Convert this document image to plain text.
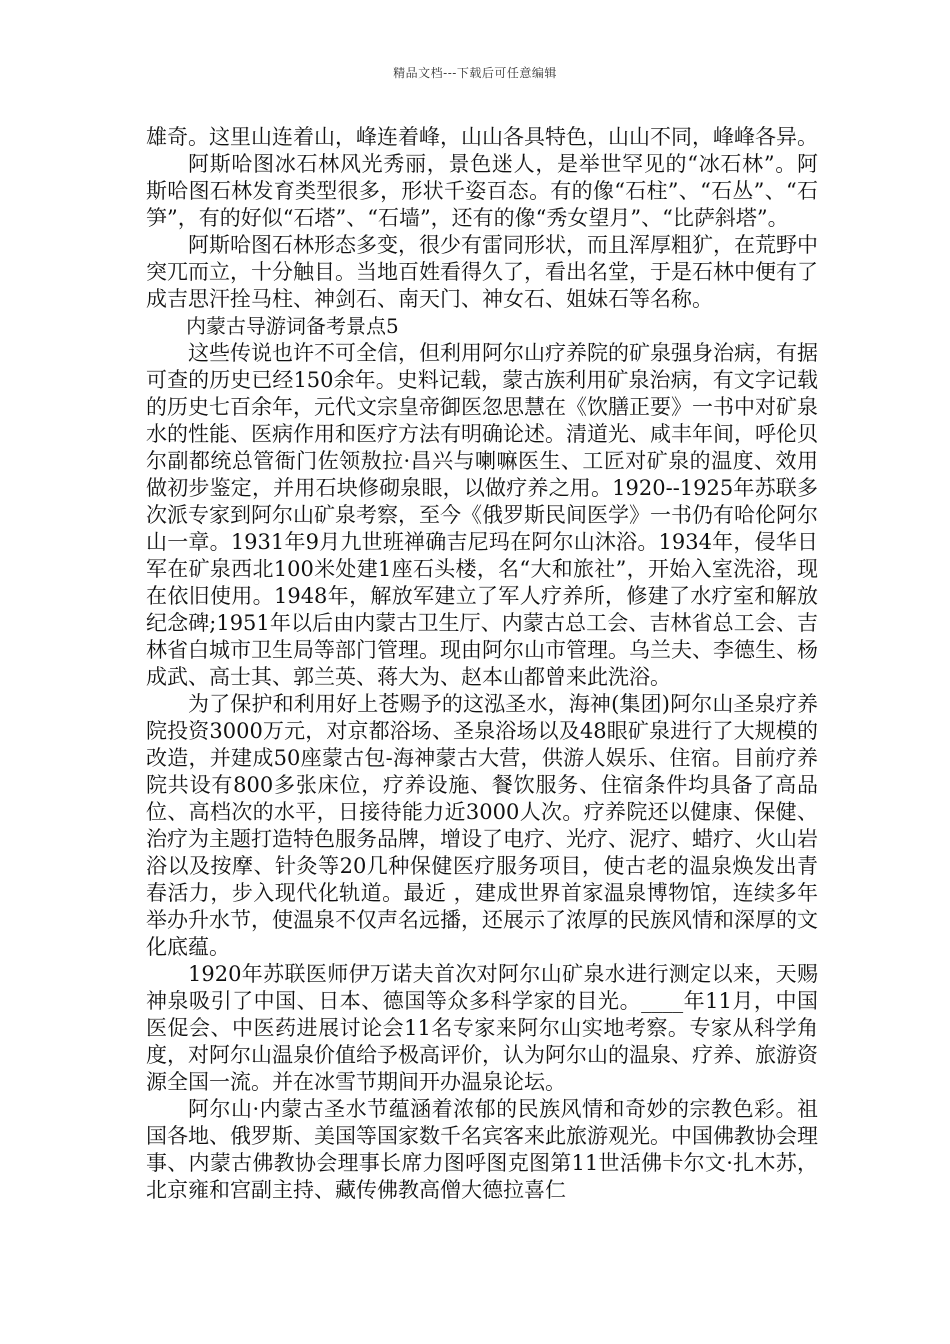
精品文档---下载后可任意编辑

雄奇。这里山连着山，峰连着峰，山山各具特色，山山不同，峰峰各异。

阿斯哈图冰石林风光秀丽，景色迷人，是举世罕见的“冰石林”。阿斯哈图石林发育类型很多，形状千姿百态。有的像“石柱”、“石丛”、“石笋”，有的好似“石塔”、“石墙”，还有的像“秀女望月”、“比萨斜塔”。

阿斯哈图石林形态多变，很少有雷同形状，而且浑厚粗犷，在荒野中突兀而立，十分触目。当地百姓看得久了，看出名堂，于是石林中便有了成吉思汗拴马柱、神剑石、南天门、神女石、姐妹石等名称。

内蒙古导游词备考景点5

这些传说也许不可全信，但利用阿尔山疗养院的矿泉强身治病，有据可查的历史已经150余年。史料记载，蒙古族利用矿泉治病，有文字记载的历史七百余年，元代文宗皇帝御医忽思慧在《饮膳正要》一书中对矿泉水的性能、医病作用和医疗方法有明确论述。清道光、咸丰年间，呼伦贝尔副都统总管衙门佐领敖拉·昌兴与喇嘛医生、工匠对矿泉的温度、效用做初步鉴定，并用石块修砌泉眼，以做疗养之用。1920--1925年苏联多次派专家到阿尔山矿泉考察，至今《俄罗斯民间医学》一书仍有哈伦阿尔山一章。1931年9月九世班禅确吉尼玛在阿尔山沐浴。1934年，侵华日军在矿泉西北100米处建1座石头楼，名“大和旅社”，开始入室洗浴，现在依旧使用。1948年，解放军建立了军人疗养所，修建了水疗室和解放纪念碑;1951年以后由内蒙古卫生厅、内蒙古总工会、吉林省总工会、吉林省白城市卫生局等部门管理。现由阿尔山市管理。乌兰夫、李德生、杨成武、高士其、郭兰英、蒋大为、赵本山都曾来此洗浴。

为了保护和利用好上苍赐予的这泓圣水，海神(集团)阿尔山圣泉疗养院投资3000万元，对京都浴场、圣泉浴场以及48眼矿泉进行了大规模的改造，并建成50座蒙古包-海神蒙古大营，供游人娱乐、住宿。目前疗养院共设有800多张床位，疗养设施、餐饮服务、住宿条件均具备了高品位、高档次的水平，日接待能力近3000人次。疗养院还以健康、保健、治疗为主题打造特色服务品牌，增设了电疗、光疗、泥疗、蜡疗、火山岩浴以及按摩、针灸等20几种保健医疗服务项目，使古老的温泉焕发出青春活力，步入现代化轨道。最近 ，建成世界首家温泉博物馆，连续多年举办升水节，使温泉不仅声名远播，还展示了浓厚的民族风情和深厚的文化底蕴。

1920年苏联医师伊万诺夫首次对阿尔山矿泉水进行测定以来，天赐神泉吸引了中国、日本、德国等众多科学家的目光。____年11月，中国医促会、中医药进展讨论会11名专家来阿尔山实地考察。专家从科学角度，对阿尔山温泉价值给予极高评价，认为阿尔山的温泉、疗养、旅游资源全国一流。并在冰雪节期间开办温泉论坛。

阿尔山·内蒙古圣水节蕴涵着浓郁的民族风情和奇妙的宗教色彩。祖国各地、俄罗斯、美国等国家数千名宾客来此旅游观光。中国佛教协会理事、内蒙古佛教协会理事长席力图呼图克图第11世活佛卡尔文·扎木苏，北京雍和宫副主持、藏传佛教高僧大德拉喜仁
